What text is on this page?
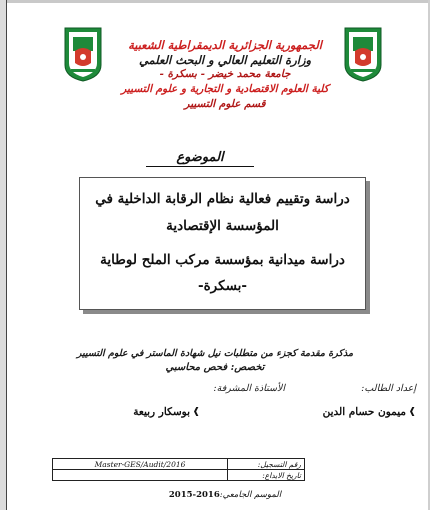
الجمهورية الجزائرية الديمقراطية الشعبية
وزارة التعليم العالي و البحث العلمي
جامعة محمد خيضر - بسكرة -
كلية العلوم الاقتصادية و التجارية و علوم التسيير
قسم علوم التسيير
الموضوع
دراسة وتقييم فعالية نظام الرقابة الداخلية في
المؤسسة الإقتصادية
دراسة ميدانية بمؤسسة مركب الملح لوطاية
-بسكرة-
مذكرة مقدمة كجزء من متطلبات نيل شهادة الماستر في علوم التسيير
تخصص: فحص محاسبي
إعداد الطالب:
الأستاذة المشرفة:
❰
ميمون حسام الدين
❰
بوسكار ربيعة
Master-GES/Audit/2016	رقم التسجيل:
	تاريخ الايداع:
الموسم الجامعي:2016-2015
